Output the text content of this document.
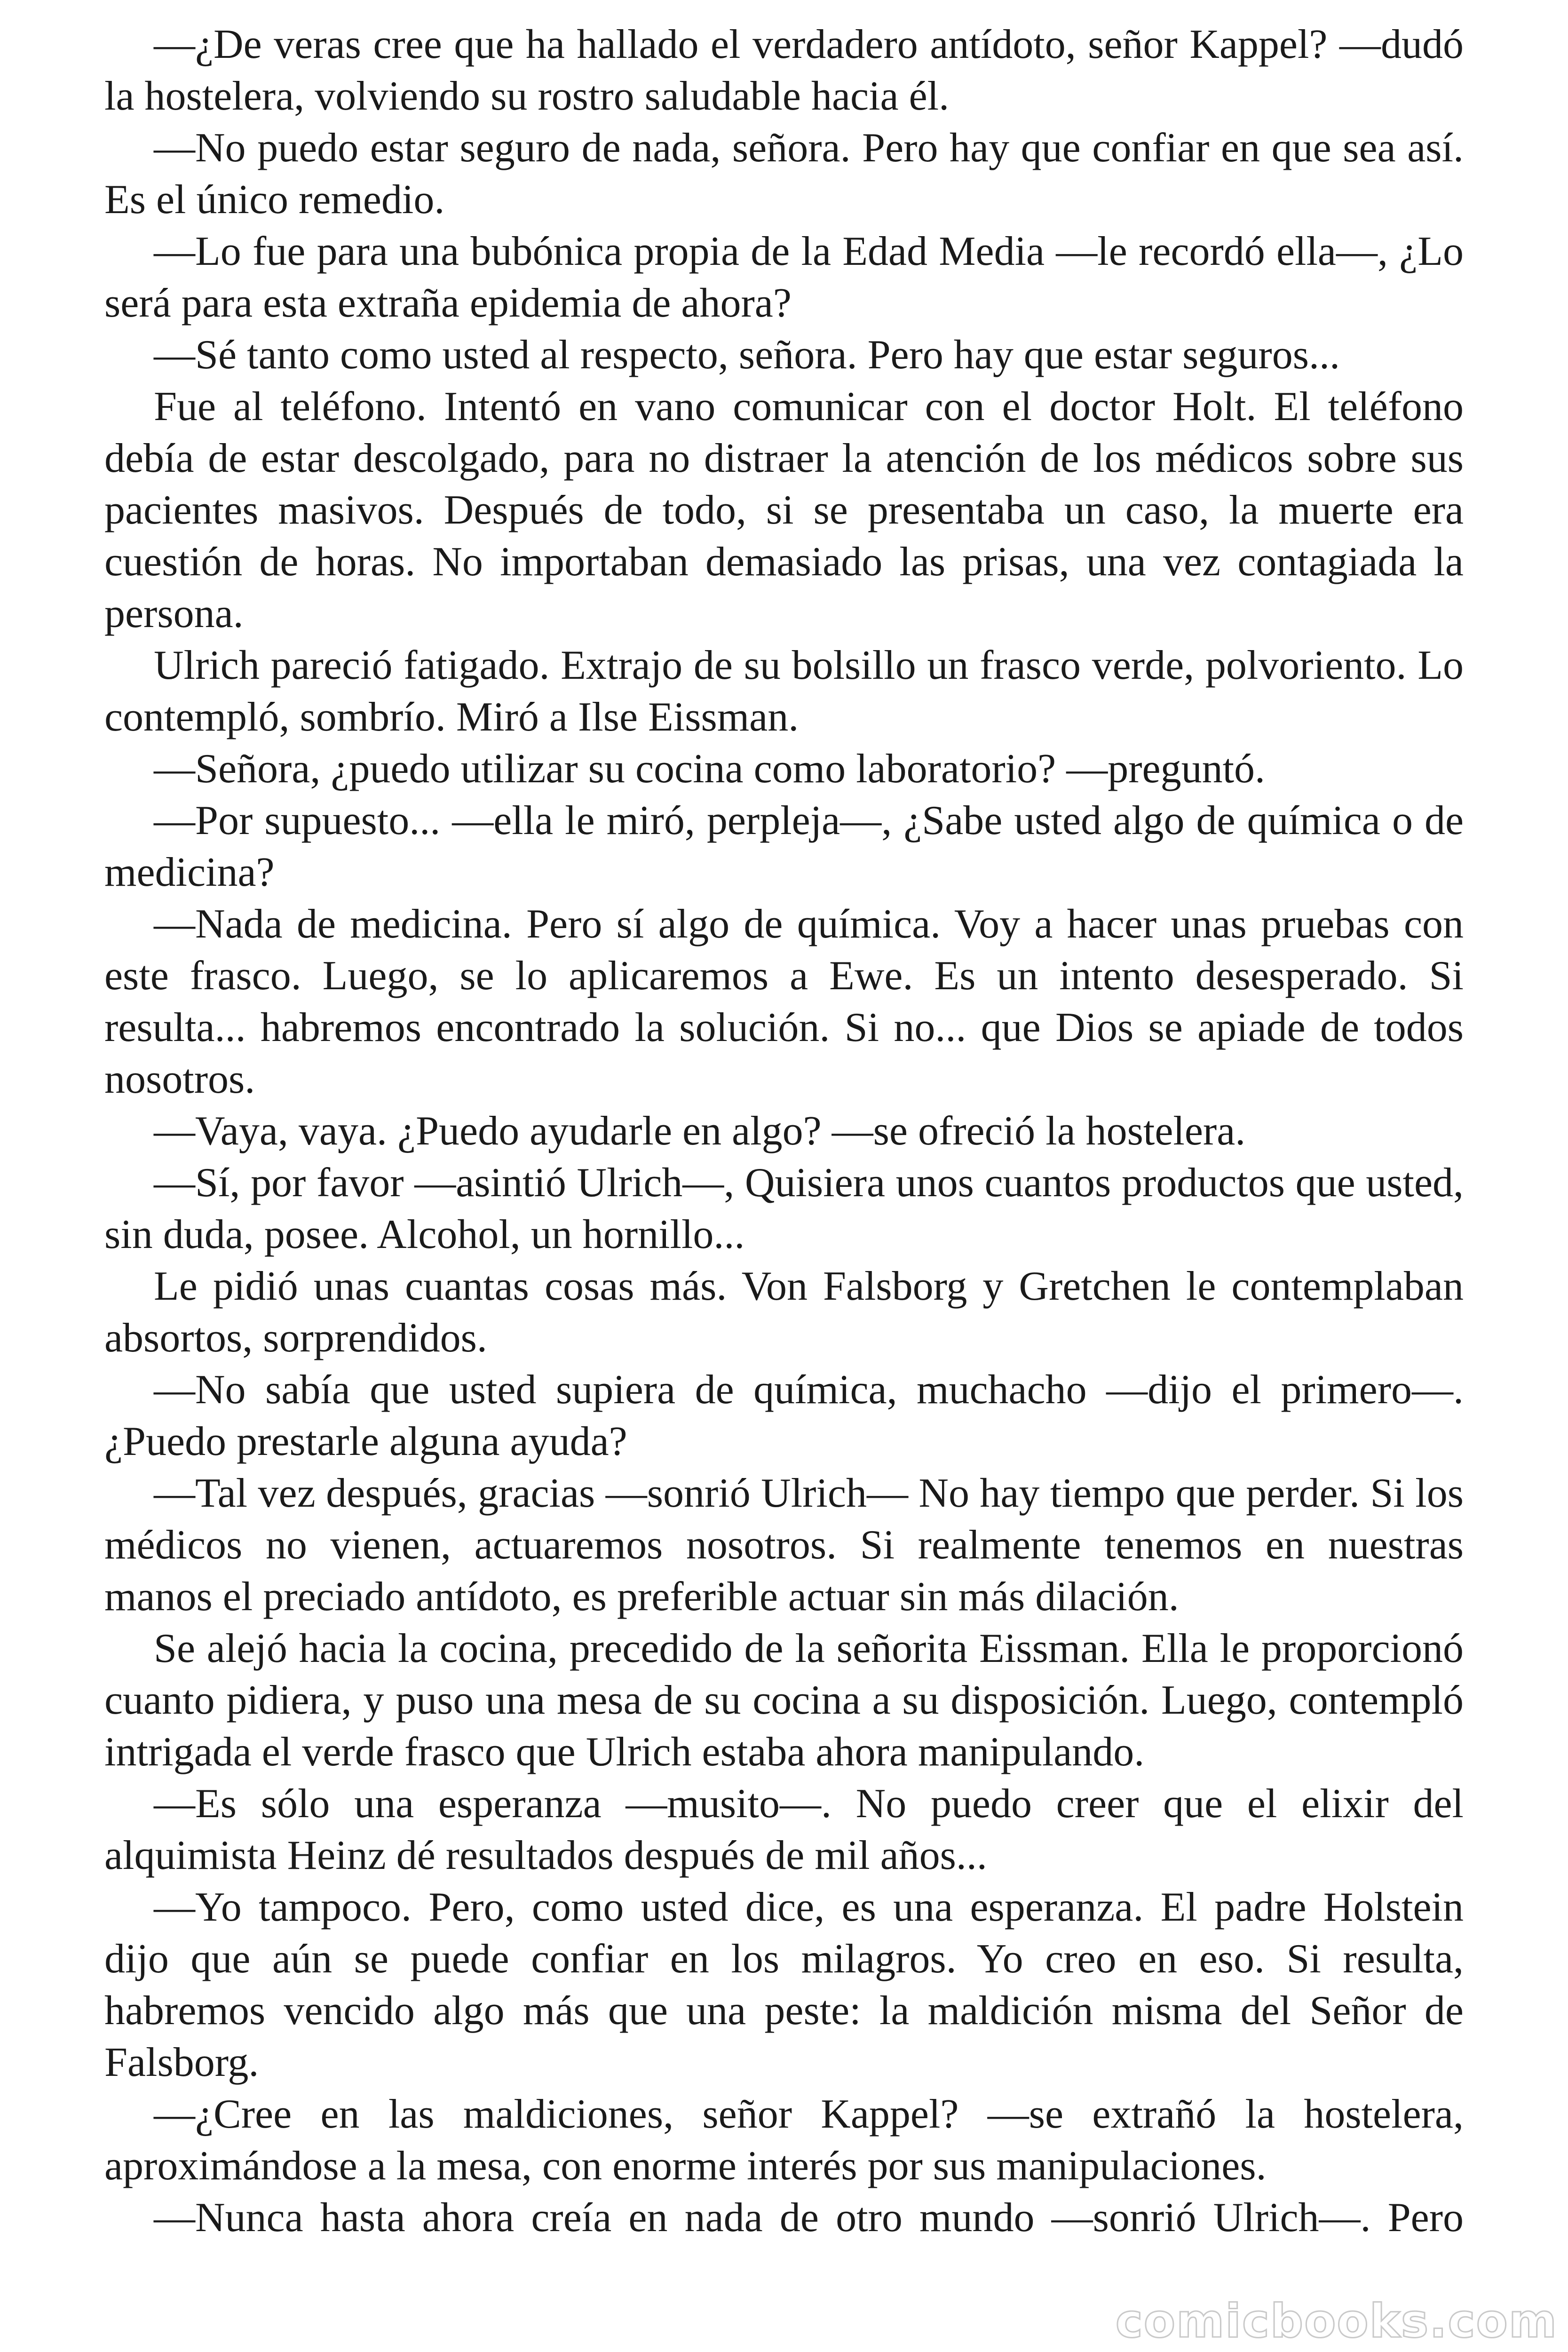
—¿De veras cree que ha hallado el verdadero antídoto, señor Kappel? —dudó la hostelera, volviendo su rostro saludable hacia él.

—No puedo estar seguro de nada, señora. Pero hay que confiar en que sea así. Es el único remedio.

—Lo fue para una bubónica propia de la Edad Media —le recordó ella—, ¿Lo será para esta extraña epidemia de ahora?

—Sé tanto como usted al respecto, señora. Pero hay que estar seguros...

Fue al teléfono. Intentó en vano comunicar con el doctor Holt. El teléfono debía de estar descolgado, para no distraer la atención de los médicos sobre sus pacientes masivos. Después de todo, si se presentaba un caso, la muerte era cuestión de horas. No importaban demasiado las prisas, una vez contagiada la persona.

Ulrich pareció fatigado. Extrajo de su bolsillo un frasco verde, polvoriento. Lo contempló, sombrío. Miró a Ilse Eissman.

—Señora, ¿puedo utilizar su cocina como laboratorio? —preguntó.

—Por supuesto... —ella le miró, perpleja—, ¿Sabe usted algo de química o de medicina?

—Nada de medicina. Pero sí algo de química. Voy a hacer unas pruebas con este frasco. Luego, se lo aplicaremos a Ewe. Es un intento desesperado. Si resulta... habremos encontrado la solución. Si no... que Dios se apiade de todos nosotros.

—Vaya, vaya. ¿Puedo ayudarle en algo? —se ofreció la hostelera.

—Sí, por favor —asintió Ulrich—, Quisiera unos cuantos productos que usted, sin duda, posee. Alcohol, un hornillo...

Le pidió unas cuantas cosas más. Von Falsborg y Gretchen le contemplaban absortos, sorprendidos.

—No sabía que usted supiera de química, muchacho —dijo el primero—. ¿Puedo prestarle alguna ayuda?

—Tal vez después, gracias —sonrió Ulrich— No hay tiempo que perder. Si los médicos no vienen, actuaremos nosotros. Si realmente tenemos en nuestras manos el preciado antídoto, es preferible actuar sin más dilación.

Se alejó hacia la cocina, precedido de la señorita Eissman. Ella le proporcionó cuanto pidiera, y puso una mesa de su cocina a su disposición. Luego, contempló intrigada el verde frasco que Ulrich estaba ahora manipulando.

—Es sólo una esperanza —musito—. No puedo creer que el elixir del alquimista Heinz dé resultados después de mil años...

—Yo tampoco. Pero, como usted dice, es una esperanza. El padre Holstein dijo que aún se puede confiar en los milagros. Yo creo en eso. Si resulta, habremos vencido algo más que una peste: la maldición misma del Señor de Falsborg.

—¿Cree en las maldiciones, señor Kappel? —se extrañó la hostelera, aproximándose a la mesa, con enorme interés por sus manipulaciones.

—Nunca hasta ahora creía en nada de otro mundo —sonrió Ulrich—. Pero

comicbooks.com
